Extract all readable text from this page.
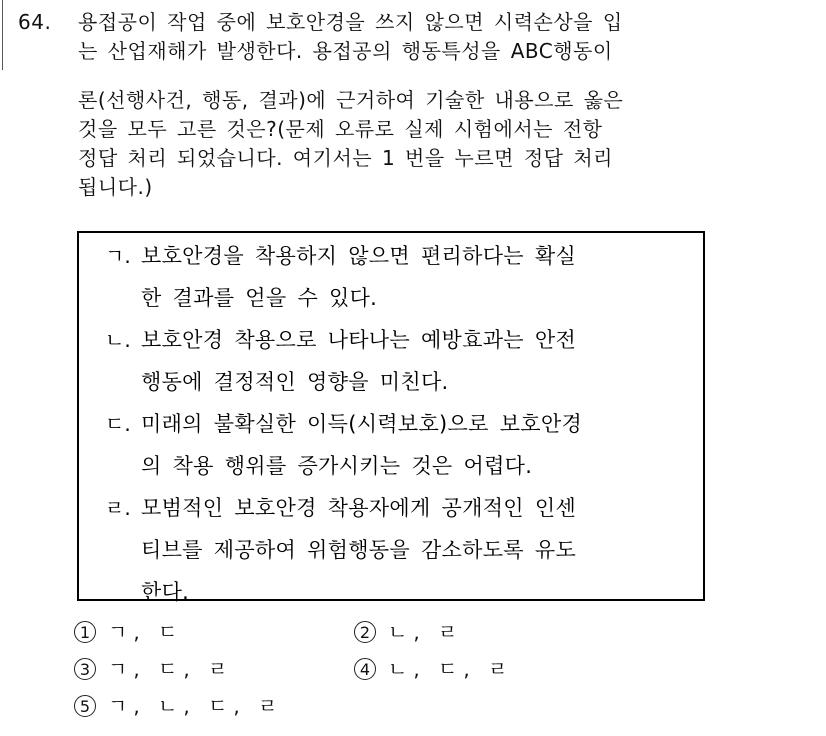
64. 용접공이 작업 중에 보호안경을 쓰지 않으면 시력손상을 입
는 산업재해가 발생한다. 용접공의 행동특성을 ABC행동이
론(선행사건, 행동, 결과)에 근거하여 기술한 내용으로 옳은
것을 모두 고른 것은?(문제 오류로 실제 시험에서는 전항
정답 처리 되었습니다. 여기서는 1 번을 누르면 정답 처리
됩니다.)
ㄱ. 보호안경을 착용하지 않으면 편리하다는 확실
한 결과를 얻을 수 있다.
ㄴ. 보호안경 착용으로 나타나는 예방효과는 안전
행동에 결정적인 영향을 미친다.
ㄷ. 미래의 불확실한 이득(시력보호)으로 보호안경
의 착용 행위를 증가시키는 것은 어렵다.
ㄹ. 모범적인 보호안경 착용자에게 공개적인 인센
티브를 제공하여 위험행동을 감소하도록 유도
한다.
1 ㄱ, ㄷ	2 ㄴ, ㄹ
3 ㄱ, ㄷ, ㄹ	4 ㄴ, ㄷ, ㄹ
5 ㄱ, ㄴ, ㄷ, ㄹ
